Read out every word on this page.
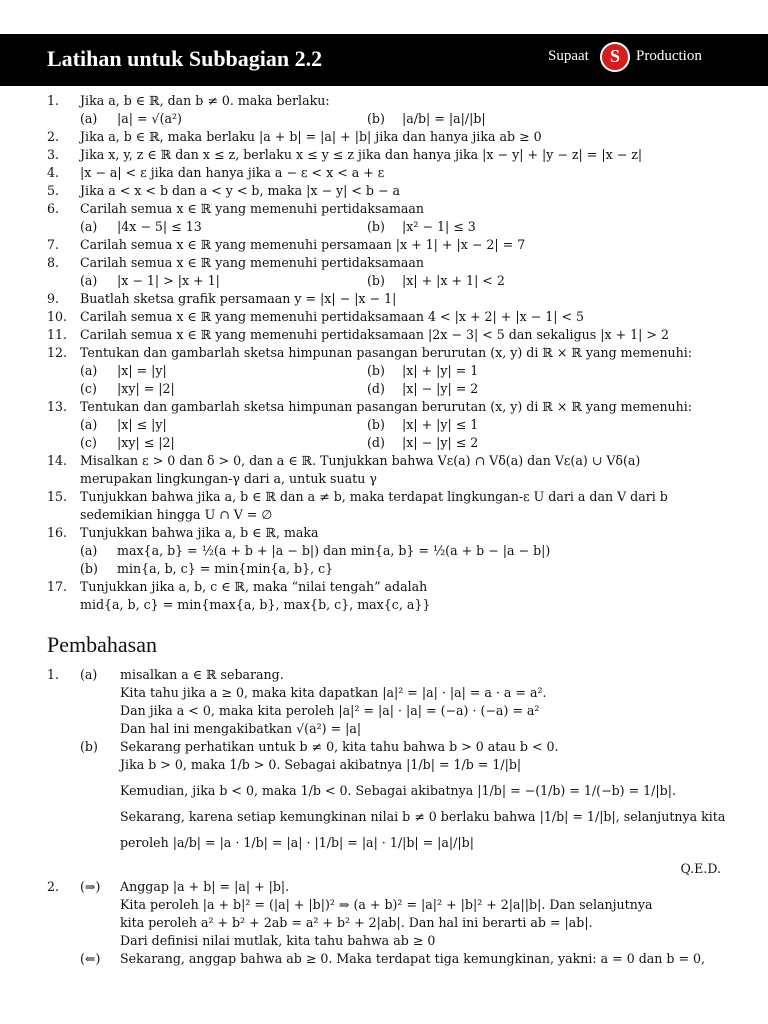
Latihan untuk Subbagian 2.2	Supaat	S	Production
1. Jika a, b ∈ ℝ, dan b ≠ 0. maka berlaku:
(a) |a| = √(a²)	(b) |a/b| = |a|/|b|
2. Jika a, b ∈ ℝ, maka berlaku |a + b| = |a| + |b| jika dan hanya jika ab ≥ 0
3. Jika x, y, z ∈ ℝ dan x ≤ z, berlaku x ≤ y ≤ z jika dan hanya jika |x − y| + |y − z| = |x − z|
4. |x − a| < ε jika dan hanya jika a − ε < x < a + ε
5. Jika a < x < b dan a < y < b, maka |x − y| < b − a
6. Carilah semua x ∈ ℝ yang memenuhi pertidaksamaan
(a) |4x − 5| ≤ 13	(b) |x² − 1| ≤ 3
7. Carilah semua x ∈ ℝ yang memenuhi persamaan |x + 1| + |x − 2| = 7
8. Carilah semua x ∈ ℝ yang memenuhi pertidaksamaan
(a) |x − 1| > |x + 1|	(b) |x| + |x + 1| < 2
9. Buatlah sketsa grafik persamaan y = |x| − |x − 1|
10. Carilah semua x ∈ ℝ yang memenuhi pertidaksamaan 4 < |x + 2| + |x − 1| < 5
11. Carilah semua x ∈ ℝ yang memenuhi pertidaksamaan |2x − 3| < 5 dan sekaligus |x + 1| > 2
12. Tentukan dan gambarlah sketsa himpunan pasangan berurutan (x, y) di ℝ × ℝ yang memenuhi:
(a) |x| = |y|	(b) |x| + |y| = 1
(c) |xy| = |2|	(d) |x| − |y| = 2
13. Tentukan dan gambarlah sketsa himpunan pasangan berurutan (x, y) di ℝ × ℝ yang memenuhi:
(a) |x| ≤ |y|	(b) |x| + |y| ≤ 1
(c) |xy| ≤ |2|	(d) |x| − |y| ≤ 2
14. Misalkan ε > 0 dan δ > 0, dan a ∈ ℝ. Tunjukkan bahwa Vε(a) ∩ Vδ(a) dan Vε(a) ∪ Vδ(a)
merupakan lingkungan-γ dari a, untuk suatu γ
15. Tunjukkan bahwa jika a, b ∈ ℝ dan a ≠ b, maka terdapat lingkungan-ε U dari a dan V dari b
sedemikian hingga U ∩ V = ∅
16. Tunjukkan bahwa jika a, b ∈ ℝ, maka
(a) max{a, b} = ½(a + b + |a − b|) dan min{a, b} = ½(a + b − |a − b|)
(b) min{a, b, c} = min{min{a, b}, c}
17. Tunjukkan jika a, b, c ∈ ℝ, maka “nilai tengah” adalah
mid{a, b, c} = min{max{a, b}, max{b, c}, max{c, a}}
Pembahasan
1. (a) misalkan a ∈ ℝ sebarang.
Kita tahu jika a ≥ 0, maka kita dapatkan |a|² = |a| · |a| = a · a = a².
Dan jika a < 0, maka kita peroleh |a|² = |a| · |a| = (−a) · (−a) = a²
Dan hal ini mengakibatkan √(a²) = |a|
(b) Sekarang perhatikan untuk b ≠ 0, kita tahu bahwa b > 0 atau b < 0.
Jika b > 0, maka 1/b > 0. Sebagai akibatnya |1/b| = 1/b = 1/|b|
Kemudian, jika b < 0, maka 1/b < 0. Sebagai akibatnya |1/b| = −(1/b) = 1/(−b) = 1/|b|.
Sekarang, karena setiap kemungkinan nilai b ≠ 0 berlaku bahwa |1/b| = 1/|b|, selanjutnya kita
peroleh |a/b| = |a · 1/b| = |a| · |1/b| = |a| · 1/|b| = |a|/|b|
Q.E.D.
2. (⇒) Anggap |a + b| = |a| + |b|.
Kita peroleh |a + b|² = (|a| + |b|)² ⇒ (a + b)² = |a|² + |b|² + 2|a||b|. Dan selanjutnya
kita peroleh a² + b² + 2ab = a² + b² + 2|ab|. Dan hal ini berarti ab = |ab|.
Dari definisi nilai mutlak, kita tahu bahwa ab ≥ 0
(⇐) Sekarang, anggap bahwa ab ≥ 0. Maka terdapat tiga kemungkinan, yakni: a = 0 dan b = 0,
